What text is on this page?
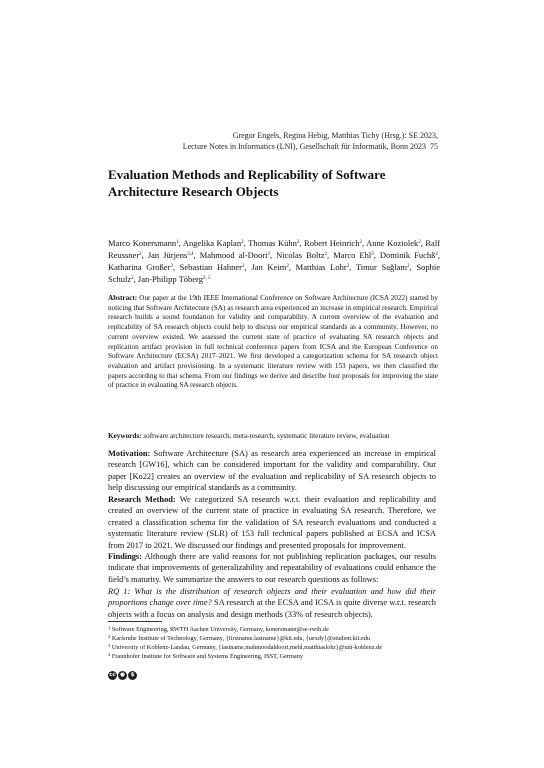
Gregor Engels, Regina Hebig, Matthias Tichy (Hrsg.): SE 2023,
Lecture Notes in Informatics (LNI), Gesellschaft für Informatik, Bonn 2023 75
Evaluation Methods and Replicability of Software Architecture Research Objects
Marco Konersmann$^1$, Angelika Kaplan$^2$, Thomas Kühn$^2$, Robert Heinrich$^2$, Anne Koziolek$^2$, Ralf Reussner$^2$, Jan Jürjens$^{3,4}$, Mahmood al-Doori$^3$, Nicolas Boltz$^2$, Marco Ehl$^3$, Dominik Fuchß$^2$, Katharina Großer$^3$, Sebastian Hahner$^2$, Jan Keim$^2$, Matthias Lohr$^3$, Timur Sağlam$^2$, Sophie Schulz$^2$, Jan-Philipp Töberg$^{2, 5}$
Abstract: Our paper at the 19th IEEE International Conference on Software Architecture (ICSA 2022) started by noticing that Software Architecture (SA) as research area experienced an increase in empirical research. Empirical research builds a sound foundation for validity and comparability. A current overview of the evaluation and replicability of SA research objects could help to discuss our empirical standards as a community. However, no current overview existed. We assessed the current state of practice of evaluating SA research objects and replication artifact provision in full technical conference papers from ICSA and the European Conference on Software Architecture (ECSA) 2017–2021. We first developed a categorization schema for SA research object evaluation and artifact provisioning. In a systematic literature review with 153 papers, we then classified the papers according to that schema. From our findings we derive and describe four proposals for improving the state of practice in evaluating SA research objects.
Keywords: software architecture research, meta-research, systematic literature review, evaluation
Motivation: Software Architecture (SA) as research area experienced an increase in empirical research [GW16], which can be considered important for the validity and comparability. Our paper [Ko22] creates an overview of the evaluation and replicability of SA research objects to help discussing our empirical standards as a community.
Research Method: We categorized SA research w.r.t. their evaluation and replicability and created an overview of the current state of practice in evaluating SA research. Therefore, we created a classification schema for the validation of SA research evaluations and conducted a systematic literature review (SLR) of 153 full technical papers published at ECSA and ICSA from 2017 to 2021. We discussed our findings and presented proposals for improvement.
Findings: Although there are valid reasons for not publishing replication packages, our results indicate that improvements of generalizability and repeatability of evaluations could enhance the field’s maturity. We summarize the answers to our research questions as follows:
RQ 1: What is the distribution of research objects and their evaluation and how did their proportions change over time? SA research at the ECSA and ICSA is quite diverse w.r.t. research objects with a focus on analysis and design methods (33% of research objects).
$^1$ Software Engineering, RWTH Aachen University, Germany, konersmann@se-rwth.de
$^2$ Karlsruhe Institute of Technology, Germany, {firstname.lastname}@kit.edu, {uexdy}@student.kit.edu
$^3$ University of Koblenz-Landau, Germany, {lastname,mahmoodaldoori,mehl,matthiaslohr}@uni-koblenz.de
$^4$ Fraunhofer Institute for Software and Systems Engineering, ISST, Germany
cc ●	$
